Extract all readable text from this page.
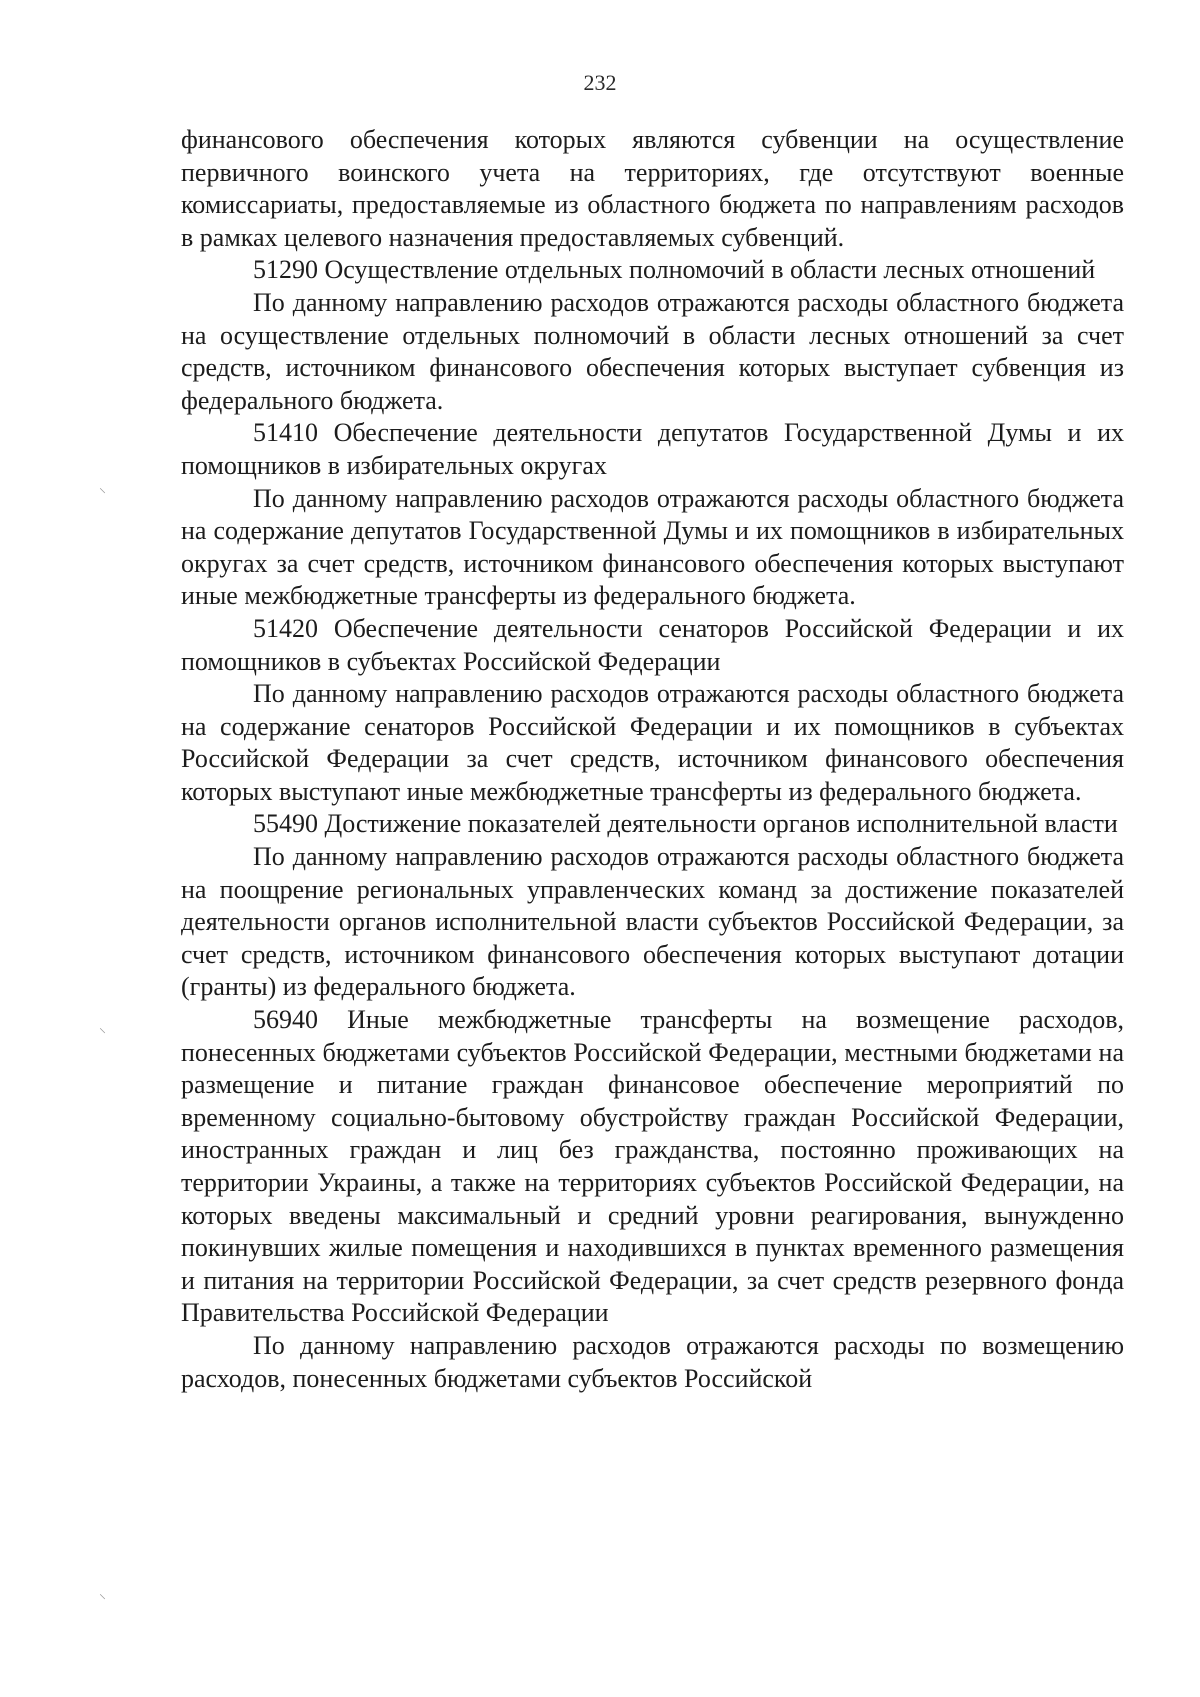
232

финансового обеспечения которых являются субвенции на осуществление первичного воинского учета на территориях, где отсутствуют военные комиссариаты, предоставляемые из областного бюджета по направлениям расходов в рамках целевого назначения предоставляемых субвенций.

51290 Осуществление отдельных полномочий в области лесных отношений

По данному направлению расходов отражаются расходы областного бюджета на осуществление отдельных полномочий в области лесных отношений за счет средств, источником финансового обеспечения которых выступает субвенция из федерального бюджета.

51410 Обеспечение деятельности депутатов Государственной Думы и их помощников в избирательных округах

По данному направлению расходов отражаются расходы областного бюджета на содержание депутатов Государственной Думы и их помощников в избирательных округах за счет средств, источником финансового обеспечения которых выступают иные межбюджетные трансферты из федерального бюджета.

51420 Обеспечение деятельности сенаторов Российской Федерации и их помощников в субъектах Российской Федерации

По данному направлению расходов отражаются расходы областного бюджета на содержание сенаторов Российской Федерации и их помощников в субъектах Российской Федерации за счет средств, источником финансового обеспечения которых выступают иные межбюджетные трансферты из федерального бюджета.

55490 Достижение показателей деятельности органов исполнительной власти

По данному направлению расходов отражаются расходы областного бюджета на поощрение региональных управленческих команд за достижение показателей деятельности органов исполнительной власти субъектов Российской Федерации, за счет средств, источником финансового обеспечения которых выступают дотации (гранты) из федерального бюджета.

56940 Иные межбюджетные трансферты на возмещение расходов, понесенных бюджетами субъектов Российской Федерации, местными бюджетами на размещение и питание граждан финансовое обеспечение мероприятий по временному социально-бытовому обустройству граждан Российской Федерации, иностранных граждан и лиц без гражданства, постоянно проживающих на территории Украины, а также на территориях субъектов Российской Федерации, на которых введены максимальный и средний уровни реагирования, вынужденно покинувших жилые помещения и находившихся в пунктах временного размещения и питания на территории Российской Федерации, за счет средств резервного фонда Правительства Российской Федерации

По данному направлению расходов отражаются расходы по возмещению расходов, понесенных бюджетами субъектов Российской

⸌
⸌
⸌
